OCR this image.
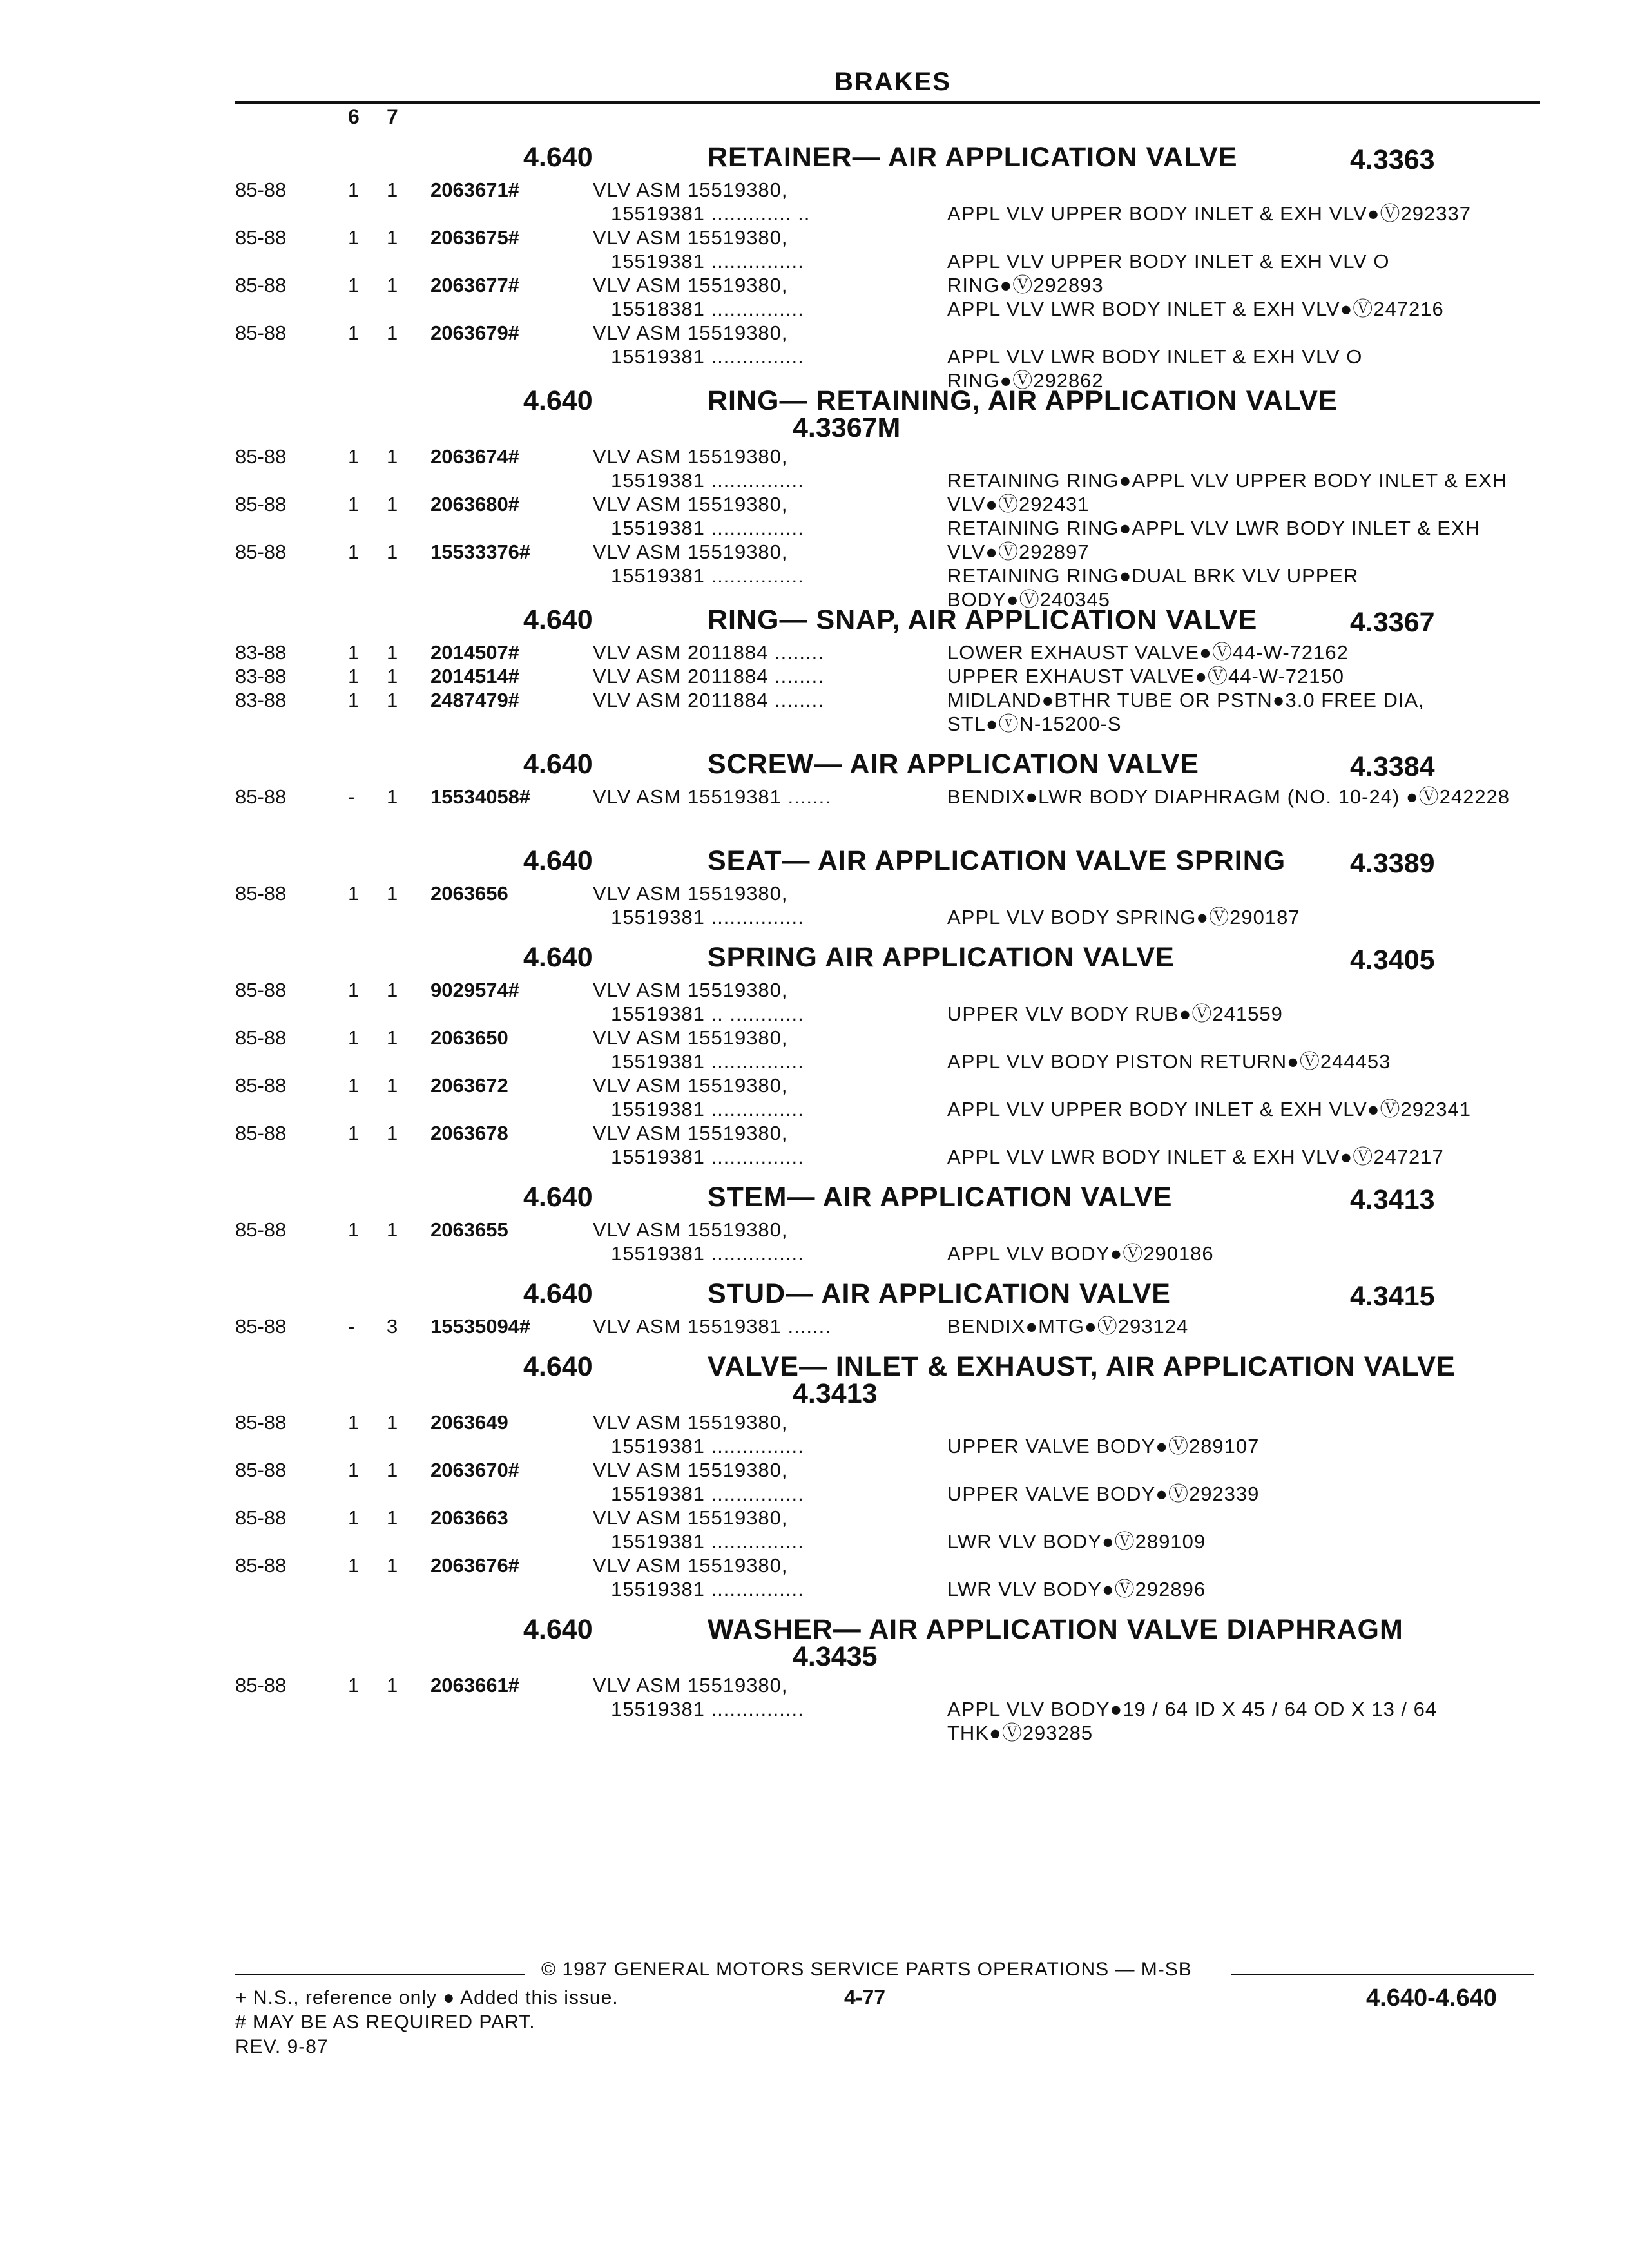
BRAKES
6 7
4.640	RETAINER— AIR APPLICATION VALVE	4.3363
85-88	1 1 2063671#	VLV ASM 15519380,
15519381 ............. ..	APPL VLV UPPER BODY INLET & EXH VLV●Ⓥ292337
85-88	1 1 2063675#	VLV ASM 15519380,
15519381 ...............	APPL VLV UPPER BODY INLET & EXH VLV O RING●Ⓥ292893
85-88	1 1 2063677#	VLV ASM 15519380,
15518381 ...............	APPL VLV LWR BODY INLET & EXH VLV●Ⓥ247216
85-88	1 1 2063679#	VLV ASM 15519380,
15519381 ...............	APPL VLV LWR BODY INLET & EXH VLV O RING●Ⓥ292862
4.640	RING— RETAINING, AIR APPLICATION VALVE
4.3367M
85-88	1 1 2063674#	VLV ASM 15519380,
15519381 ...............	RETAINING RING●APPL VLV UPPER BODY INLET & EXH VLV●Ⓥ292431
85-88	1 1 2063680#	VLV ASM 15519380,
15519381 ...............	RETAINING RING●APPL VLV LWR BODY INLET & EXH VLV●Ⓥ292897
85-88	1 1 15533376#	VLV ASM 15519380,
15519381 ...............	RETAINING RING●DUAL BRK VLV UPPER BODY●Ⓥ240345
4.640	RING— SNAP, AIR APPLICATION VALVE	4.3367
83-88	1 1 2014507#	VLV ASM 2011884 ........	LOWER EXHAUST VALVE●Ⓥ44-W-72162
83-88	1 1 2014514#	VLV ASM 2011884 ........	UPPER EXHAUST VALVE●Ⓥ44-W-72150
83-88	1 1 2487479#	VLV ASM 2011884 ........	MIDLAND●BTHR TUBE OR PSTN●3.0 FREE DIA, STL●ⓥN-15200-S
4.640	SCREW— AIR APPLICATION VALVE	4.3384
85-88	- 1 15534058#	VLV ASM 15519381 .......	BENDIX●LWR BODY DIAPHRAGM (NO. 10-24) ●Ⓥ242228
4.640	SEAT— AIR APPLICATION VALVE SPRING 4.3389
85-88	1 1 2063656	VLV ASM 15519380,
15519381 ...............	APPL VLV BODY SPRING●Ⓥ290187
4.640	SPRING AIR APPLICATION VALVE	4.3405
85-88	1 1 9029574#	VLV ASM 15519380,
15519381 .. ............	UPPER VLV BODY RUB●Ⓥ241559
85-88	1 1 2063650	VLV ASM 15519380,
15519381 ...............	APPL VLV BODY PISTON RETURN●Ⓥ244453
85-88	1 1 2063672	VLV ASM 15519380,
15519381 ...............	APPL VLV UPPER BODY INLET & EXH VLV●Ⓥ292341
85-88	1 1 2063678	VLV ASM 15519380,
15519381 ...............	APPL VLV LWR BODY INLET & EXH VLV●Ⓥ247217
4.640	STEM— AIR APPLICATION VALVE	4.3413
85-88	1 1 2063655	VLV ASM 15519380,
15519381 ...............	APPL VLV BODY●Ⓥ290186
4.640	STUD— AIR APPLICATION VALVE	4.3415
85-88	- 3 15535094#	VLV ASM 15519381 .......	BENDIX●MTG●Ⓥ293124
4.640	VALVE— INLET & EXHAUST, AIR APPLICATION VALVE
4.3413
85-88	1 1 2063649	VLV ASM 15519380,
15519381 ...............	UPPER VALVE BODY●Ⓥ289107
85-88	1 1 2063670#	VLV ASM 15519380,
15519381 ...............	UPPER VALVE BODY●Ⓥ292339
85-88	1 1 2063663	VLV ASM 15519380,
15519381 ...............	LWR VLV BODY●Ⓥ289109
85-88	1 1 2063676#	VLV ASM 15519380,
15519381 ...............	LWR VLV BODY●Ⓥ292896
4.640	WASHER— AIR APPLICATION VALVE DIAPHRAGM
4.3435
85-88	1 1 2063661#	VLV ASM 15519380,
15519381 ...............	APPL VLV BODY●19 / 64 ID X 45 / 64 OD X 13 / 64 THK●Ⓥ293285
© 1987 GENERAL MOTORS SERVICE PARTS OPERATIONS — M-SB
+ N.S., reference only ● Added this issue.
# MAY BE AS REQUIRED PART.
REV. 9-87
4-77	4.640-4.640
